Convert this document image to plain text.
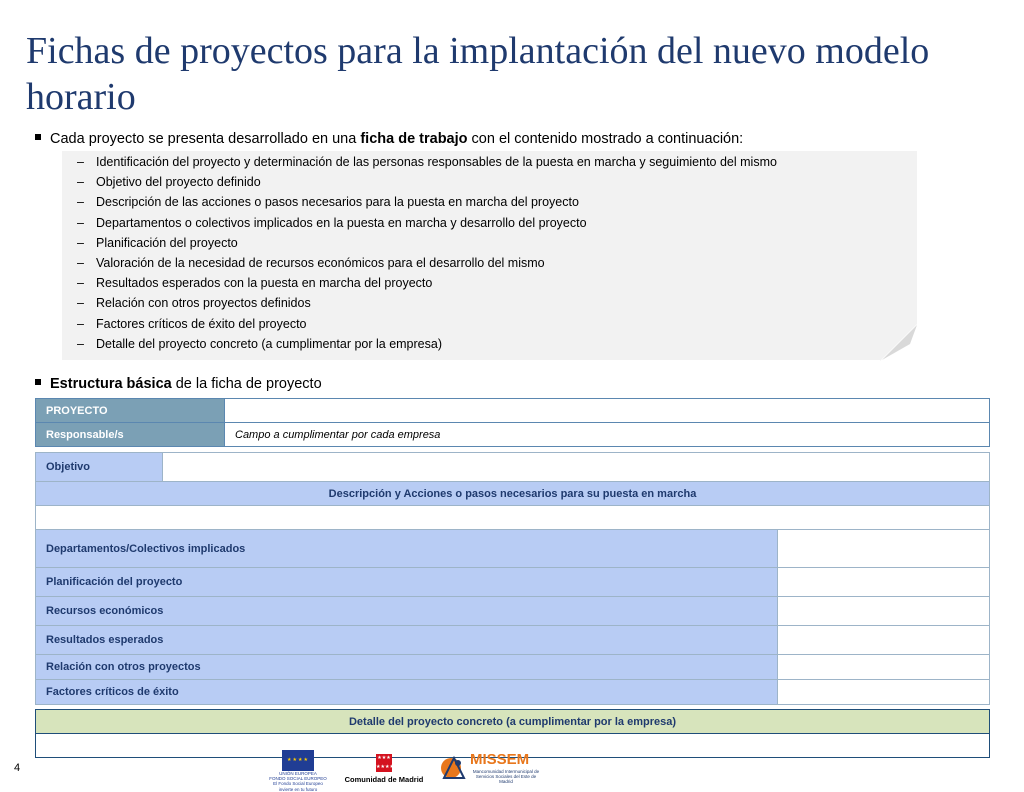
Fichas de proyectos para la implantación del nuevo modelo horario
Cada proyecto se presenta desarrollado en una ficha de trabajo con el contenido mostrado a continuación:
– Identificación del proyecto y determinación de las personas responsables de la puesta en marcha y seguimiento del mismo
– Objetivo del proyecto definido
– Descripción de las acciones o pasos necesarios para la puesta en marcha del proyecto
– Departamentos o colectivos implicados en la puesta en marcha y desarrollo del proyecto
– Planificación del proyecto
– Valoración de la necesidad de recursos económicos para el desarrollo del mismo
– Resultados esperados con la puesta en marcha del proyecto
– Relación con otros proyectos definidos
– Factores críticos de éxito del proyecto
– Detalle del proyecto concreto (a cumplimentar por la empresa)
Estructura básica de la ficha de proyecto
PROYECTO	
Responsable/s	Campo a cumplimentar por cada empresa
Objetivo		
Descripción y Acciones o pasos necesarios para su puesta en marcha		

Departamentos/Colectivos implicados		
Planificación del proyecto		
Recursos económicos		
Resultados esperados		
Relación con otros proyectos		
Factores críticos de éxito		
Detalle del proyecto concreto (a cumplimentar por la empresa)

4
★★★★
UNIÓN EUROPEA
FONDO SOCIAL EUROPEO
El Fondo Social Europeo invierte en tu futuro
★★★
★★★★
Comunidad de Madrid
MISSEM
Mancomunidad Intermunicipal de Servicios Sociales del Este de Madrid
